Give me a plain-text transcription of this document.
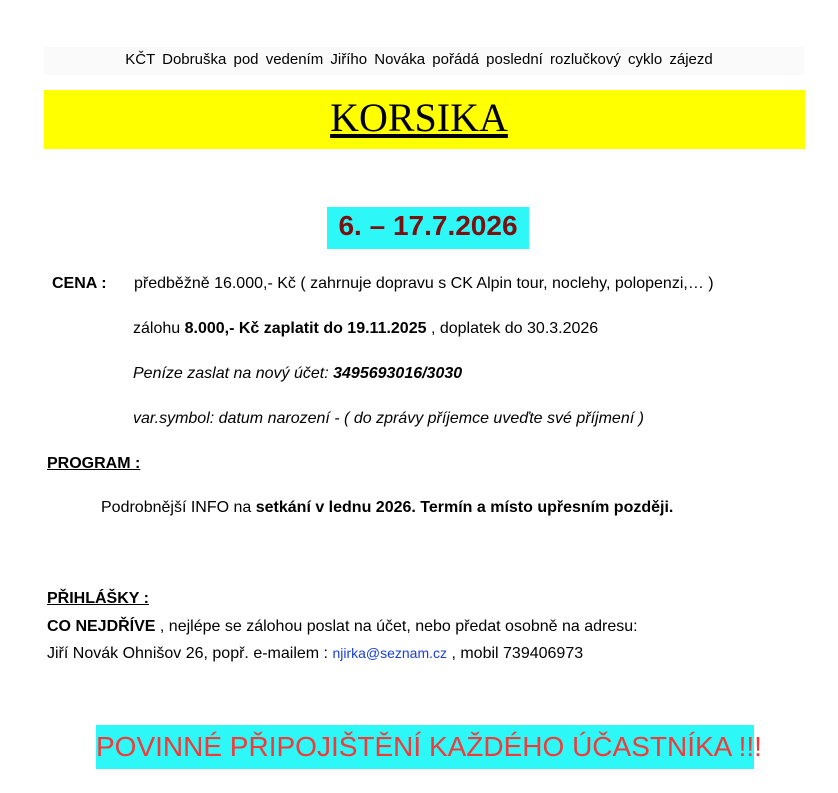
KČT Dobruška pod vedením Jiřího Nováka pořádá poslední rozlučkový cyklo zájezd
KORSIKA
6. – 17.7.2026
CENA : předběžně 16.000,- Kč ( zahrnuje dopravu s CK Alpin tour, noclehy, polopenzi,… )
zálohu 8.000,- Kč zaplatit do 19.11.2025 , doplatek do 30.3.2026
Peníze zaslat na nový účet: 3495693016/3030
var.symbol: datum narození - ( do zprávy příjemce uveďte své příjmení )
PROGRAM :
Podrobnější INFO na setkání v lednu 2026. Termín a místo upřesním později.
PŘIHLÁŠKY :
CO NEJDŘÍVE , nejlépe se zálohou poslat na účet, nebo předat osobně na adresu:
Jiří Novák Ohnišov 26, popř. e-mailem : njirka@seznam.cz , mobil 739406973
POVINNÉ PŘIPOJIŠTĚNÍ KAŽDÉHO ÚČASTNÍKA !!!
